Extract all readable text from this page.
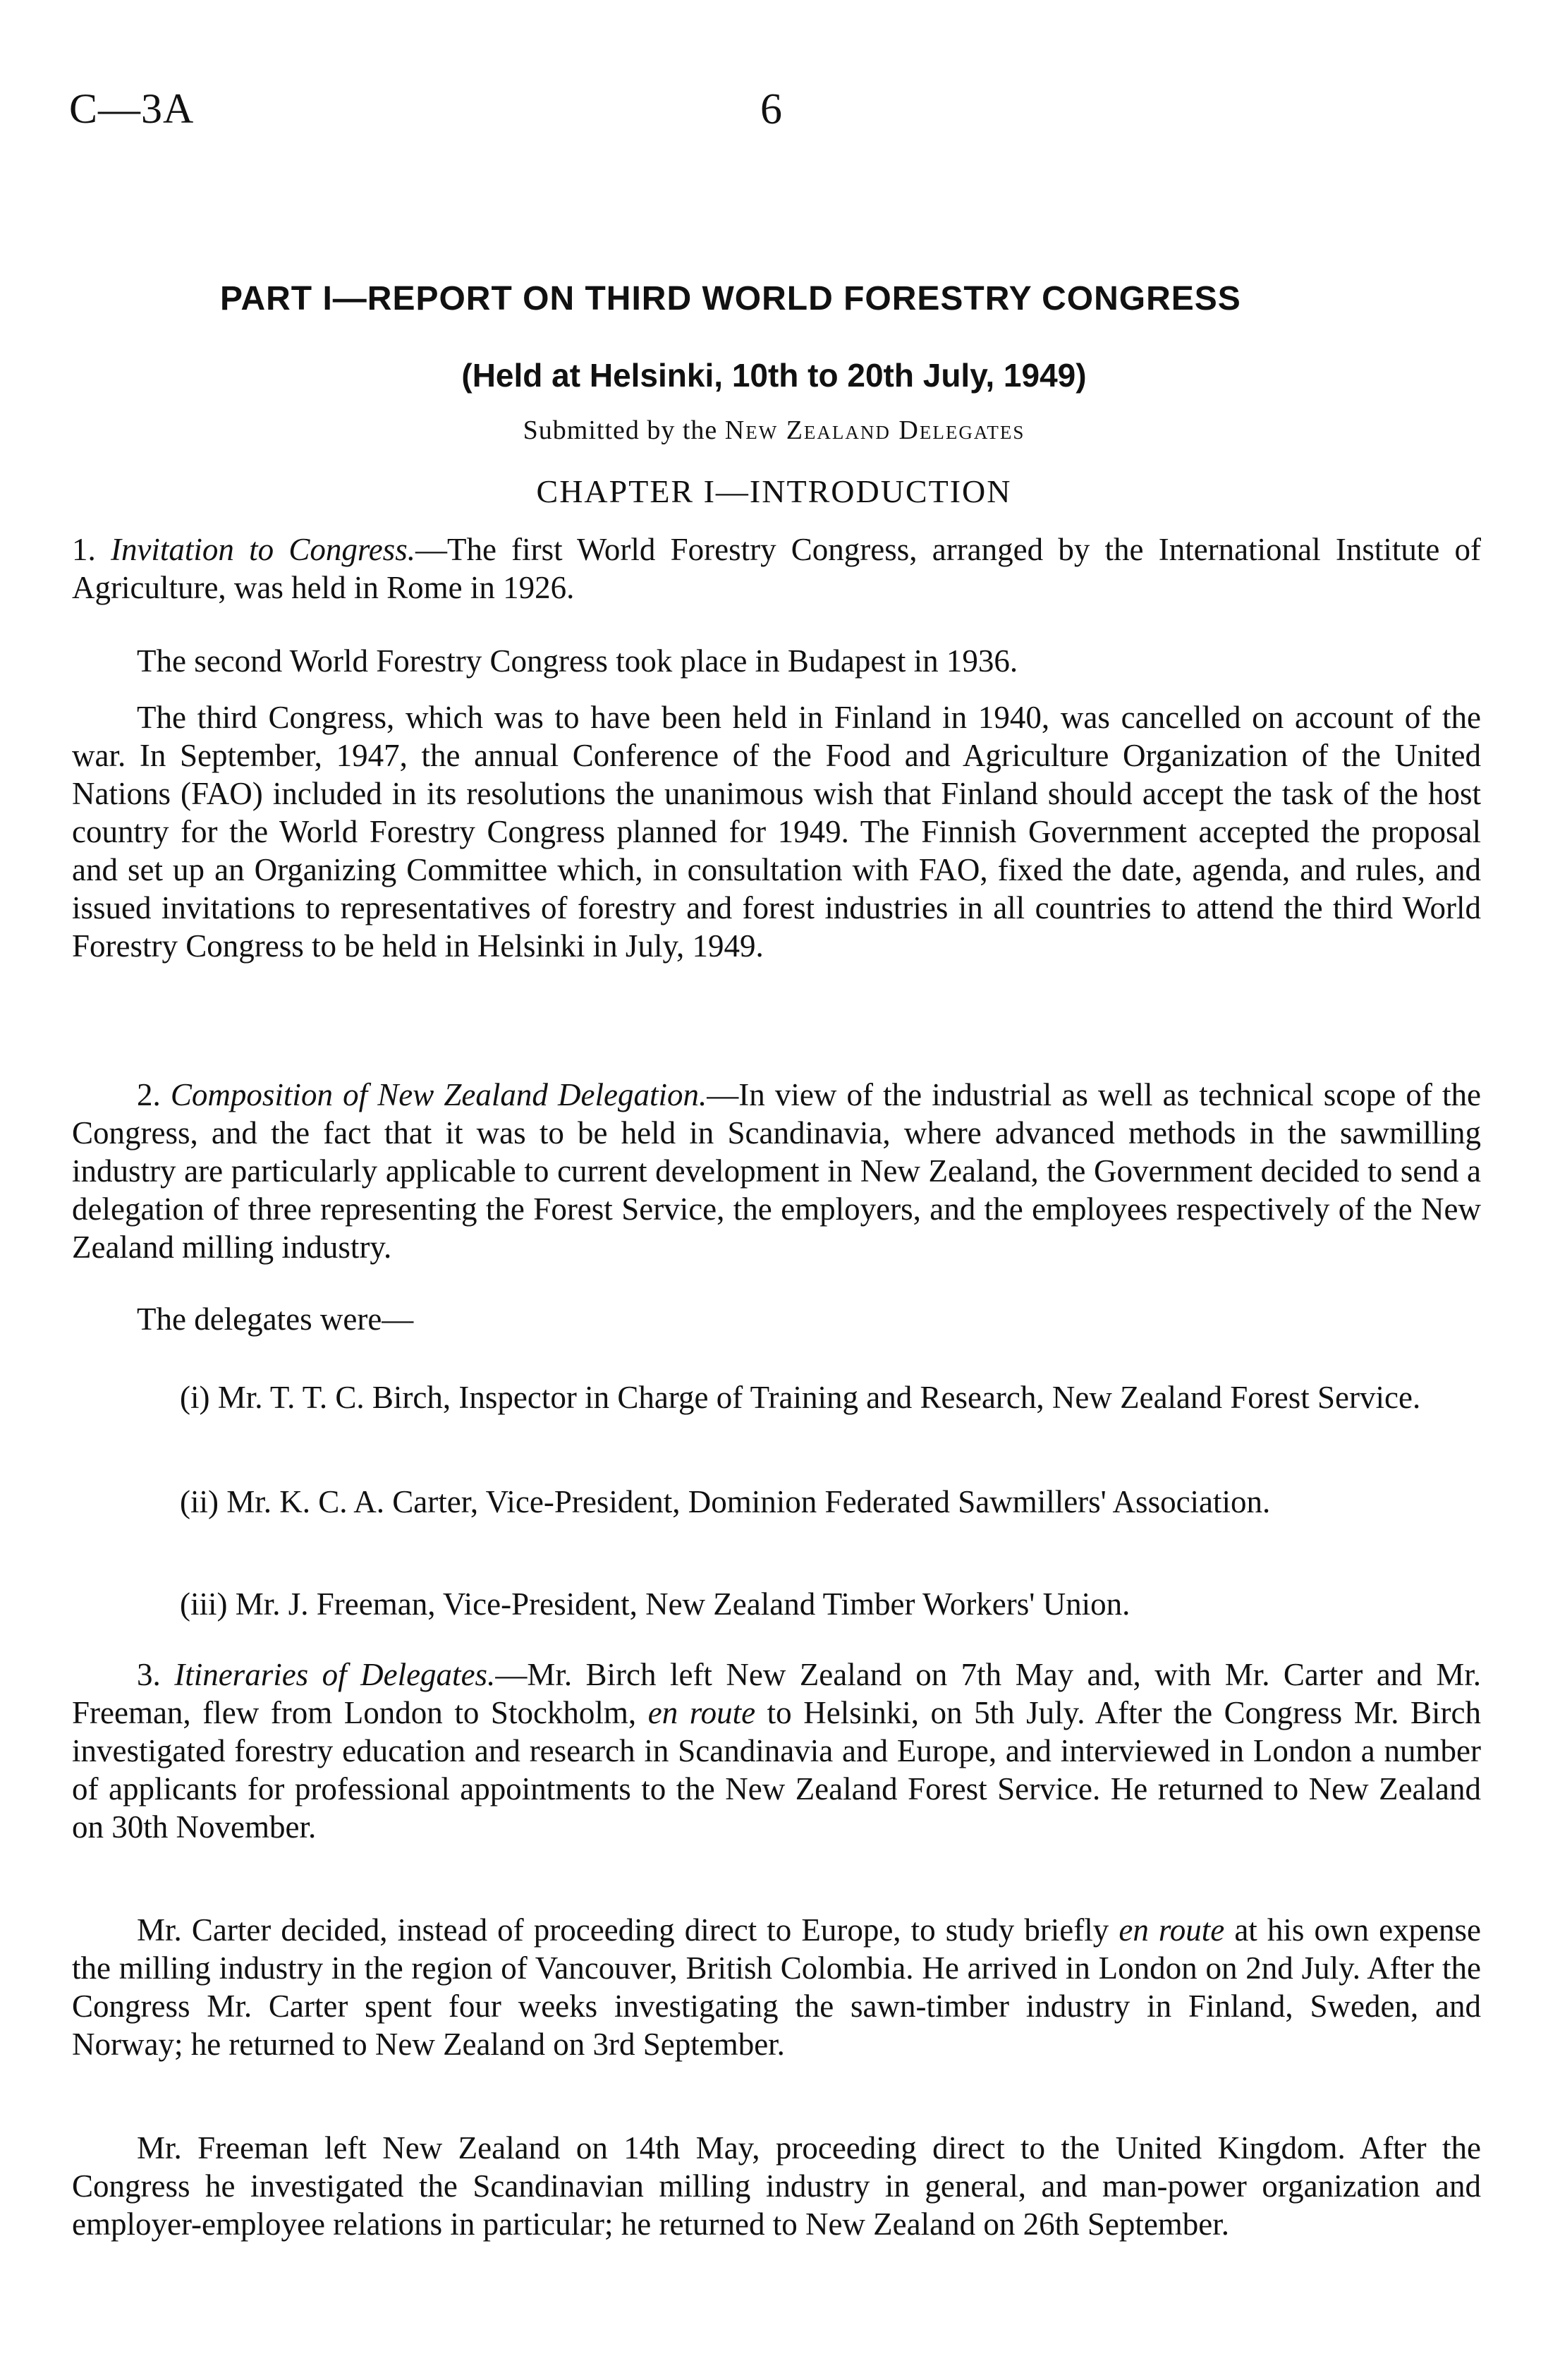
C—3A	6
PART I—REPORT ON THIRD WORLD FORESTRY CONGRESS
(Held at Helsinki, 10th to 20th July, 1949)
Submitted by the New Zealand Delegates
CHAPTER I—INTRODUCTION

1. Invitation to Congress.—The first World Forestry Congress, arranged by the International Institute of Agriculture, was held in Rome in 1926.

The second World Forestry Congress took place in Budapest in 1936.

The third Congress, which was to have been held in Finland in 1940, was cancelled on account of the war. In September, 1947, the annual Conference of the Food and Agriculture Organization of the United Nations (FAO) included in its resolutions the unanimous wish that Finland should accept the task of the host country for the World Forestry Congress planned for 1949. The Finnish Government accepted the proposal and set up an Organizing Committee which, in consultation with FAO, fixed the date, agenda, and rules, and issued invitations to representatives of forestry and forest industries in all countries to attend the third World Forestry Congress to be held in Helsinki in July, 1949.

2. Composition of New Zealand Delegation.—In view of the industrial as well as technical scope of the Congress, and the fact that it was to be held in Scandinavia, where advanced methods in the sawmilling industry are particularly applicable to current development in New Zealand, the Government decided to send a delegation of three representing the Forest Service, the employers, and the employees respectively of the New Zealand milling industry.

The delegates were—

(i) Mr. T. T. C. Birch, Inspector in Charge of Training and Research, New Zealand Forest Service.

(ii) Mr. K. C. A. Carter, Vice-President, Dominion Federated Sawmillers' Association.

(iii) Mr. J. Freeman, Vice-President, New Zealand Timber Workers' Union.

3. Itineraries of Delegates.—Mr. Birch left New Zealand on 7th May and, with Mr. Carter and Mr. Freeman, flew from London to Stockholm, en route to Helsinki, on 5th July. After the Congress Mr. Birch investigated forestry education and research in Scandinavia and Europe, and interviewed in London a number of applicants for professional appointments to the New Zealand Forest Service. He returned to New Zealand on 30th November.

Mr. Carter decided, instead of proceeding direct to Europe, to study briefly en route at his own expense the milling industry in the region of Vancouver, British Colombia. He arrived in London on 2nd July. After the Congress Mr. Carter spent four weeks investigating the sawn-timber industry in Finland, Sweden, and Norway; he returned to New Zealand on 3rd September.

Mr. Freeman left New Zealand on 14th May, proceeding direct to the United Kingdom. After the Congress he investigated the Scandinavian milling industry in general, and man-power organization and employer-employee relations in particular; he returned to New Zealand on 26th September.
